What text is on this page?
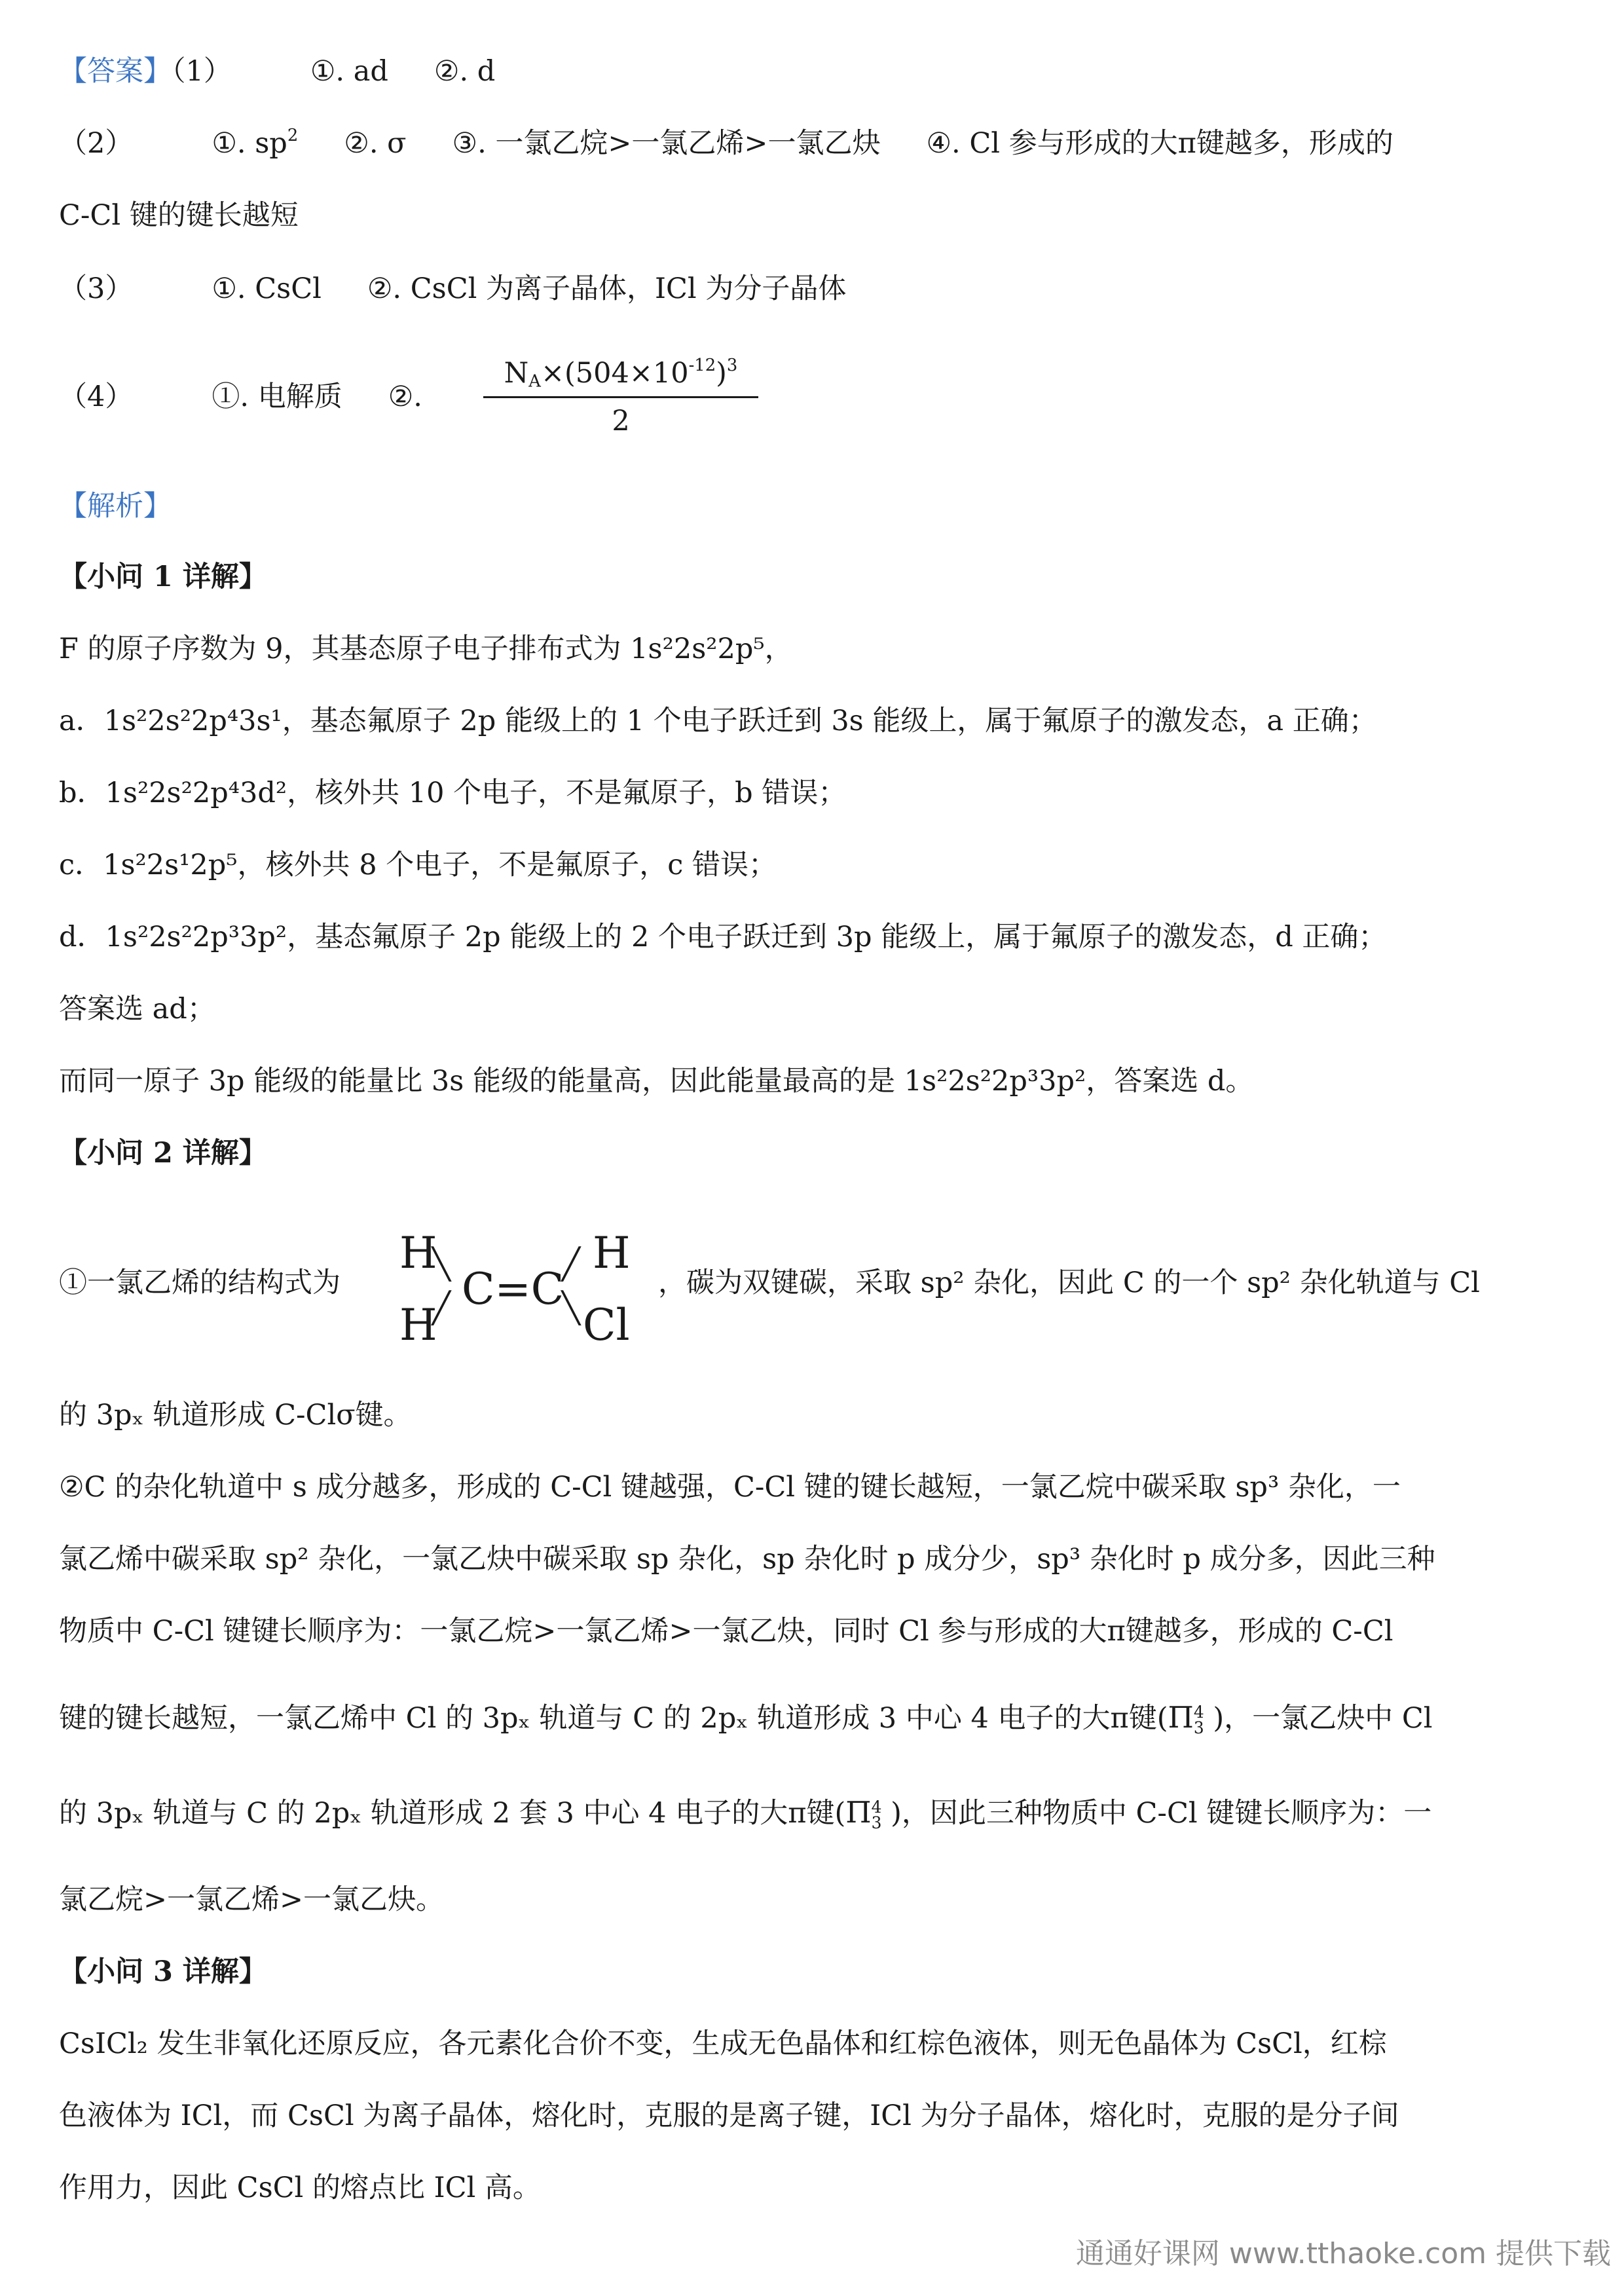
【答案】（1）	①. ad ②. d
（2）	①. $sp^2$ ②. σ ③. 一氯乙烷>一氯乙烯>一氯乙炔 ④. Cl 参与形成的大π键越多，形成的
C-Cl 键的键长越短
（3）	①. CsCl ②. CsCl 为离子晶体，ICl 为分子晶体
（4）	①. 电解质 ②. $\frac{N_A\times(504\times 10^{-12})^3}{2}$
【解析】
【小问 1 详解】
F 的原子序数为 9，其基态原子电子排布式为 1s²2s²2p⁵，
a．1s²2s²2p⁴3s¹，基态氟原子 2p 能级上的 1 个电子跃迁到 3s 能级上，属于氟原子的激发态，a 正确；
b．1s²2s²2p⁴3d²，核外共 10 个电子，不是氟原子，b 错误；
c．1s²2s¹2p⁵，核外共 8 个电子，不是氟原子，c 错误；
d．1s²2s²2p³3p²，基态氟原子 2p 能级上的 2 个电子跃迁到 3p 能级上，属于氟原子的激发态，d 正确；
答案选 ad；
而同一原子 3p 能级的能量比 3s 能级的能量高，因此能量最高的是 1s²2s²2p³3p²，答案选 d。
【小问 2 详解】
①一氯乙烯的结构式为
H
H
╲
╱ C=C
╱
╲
H
Cl
，碳为双键碳，采取 sp² 杂化，因此 C 的一个 sp² 杂化轨道与 Cl
的 3pₓ 轨道形成 C-Clσ键。
②C 的杂化轨道中 s 成分越多，形成的 C-Cl 键越强，C-Cl 键的键长越短，一氯乙烷中碳采取 sp³ 杂化，一
氯乙烯中碳采取 sp² 杂化，一氯乙炔中碳采取 sp 杂化，sp 杂化时 p 成分少，sp³ 杂化时 p 成分多，因此三种
物质中 C-Cl 键键长顺序为：一氯乙烷>一氯乙烯>一氯乙炔，同时 Cl 参与形成的大π键越多，形成的 C-Cl
键的键长越短，一氯乙烯中 Cl 的 3pₓ 轨道与 C 的 2pₓ 轨道形成 3 中心 4 电子的大π键(Π 4
3 )，一氯乙炔中 Cl
的 3pₓ 轨道与 C 的 2pₓ 轨道形成 2 套 3 中心 4 电子的大π键(Π 4
3 )，因此三种物质中 C-Cl 键键长顺序为：一
氯乙烷>一氯乙烯>一氯乙炔。
【小问 3 详解】
CsICl₂ 发生非氧化还原反应，各元素化合价不变，生成无色晶体和红棕色液体，则无色晶体为 CsCl，红棕
色液体为 ICl，而 CsCl 为离子晶体，熔化时，克服的是离子键，ICl 为分子晶体，熔化时，克服的是分子间
作用力，因此 CsCl 的熔点比 ICl 高。
通通好课网 www.tthaoke.com 提供下载
